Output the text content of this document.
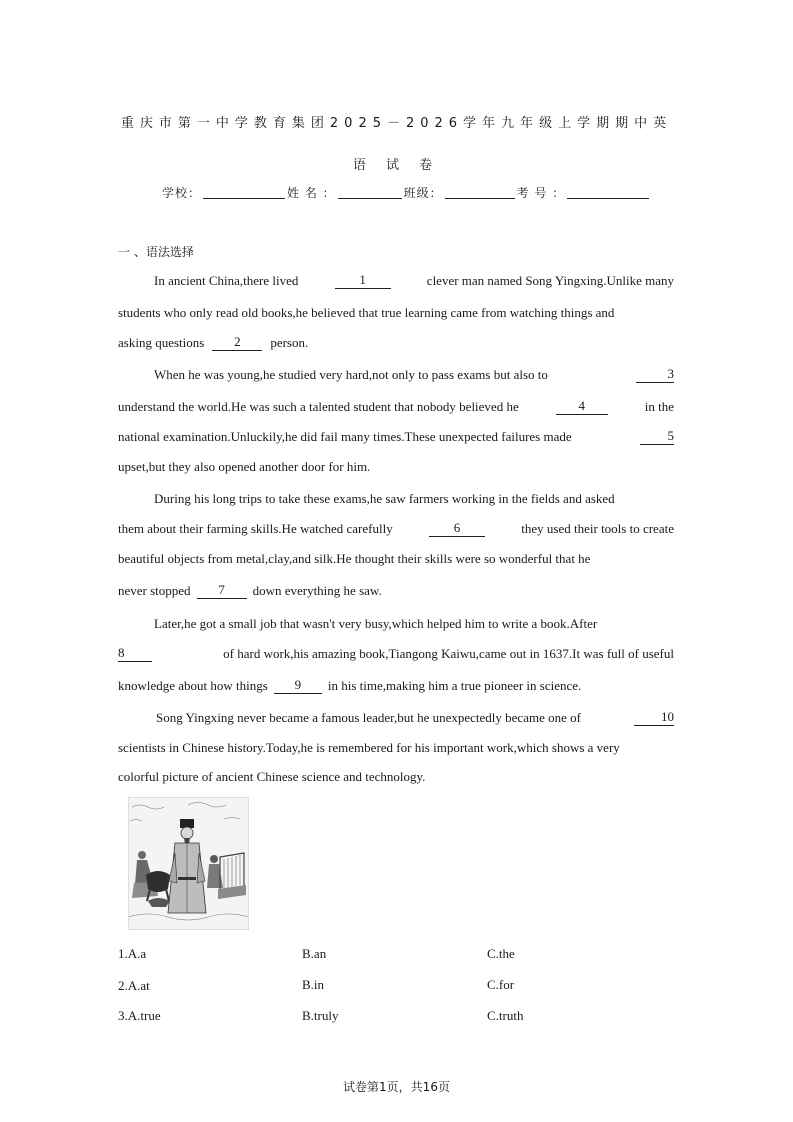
重庆市第一中学教育集团2025－2026学年九年级上学期期中英
语 试 卷
学校：	姓 名 ：	班级：	考 号 ：
一 、语法选择
In ancient China,there lived	1	clever man named Song Yingxing.Unlike many
students who only read old books,he believed that true learning came from watching things and
asking questions	2	person.
When he was young,he studied very hard,not only to pass exams but also to	3
understand the world.He was such a talented student that nobody believed he	4	in the
national examination.Unluckily,he did fail many times.These unexpected failures made	5
upset,but they also opened another door for him.
During his long trips to take these exams,he saw farmers working in the fields and asked
them about their farming skills.He watched carefully	6	they used their tools to create
beautiful objects from metal,clay,and silk.He thought their skills were so wonderful that he
never stopped	7	down everything he saw.
Later,he got a small job that wasn't very busy,which helped him to write a book.After
8	of hard work,his amazing book,Tiangong Kaiwu,came out in 1637.It was full of useful
knowledge about how things	9	in his time,making him a true pioneer in science.
Song Yingxing never became a famous leader,but he unexpectedly became one of	10
scientists in Chinese history.Today,he is remembered for his important work,which shows a very
colorful picture of ancient Chinese science and technology.
1.A.a	B.an	C.the
2.A.at	B.in	C.for
3.A.true	B.truly	C.truth
试卷第1页，共16页
